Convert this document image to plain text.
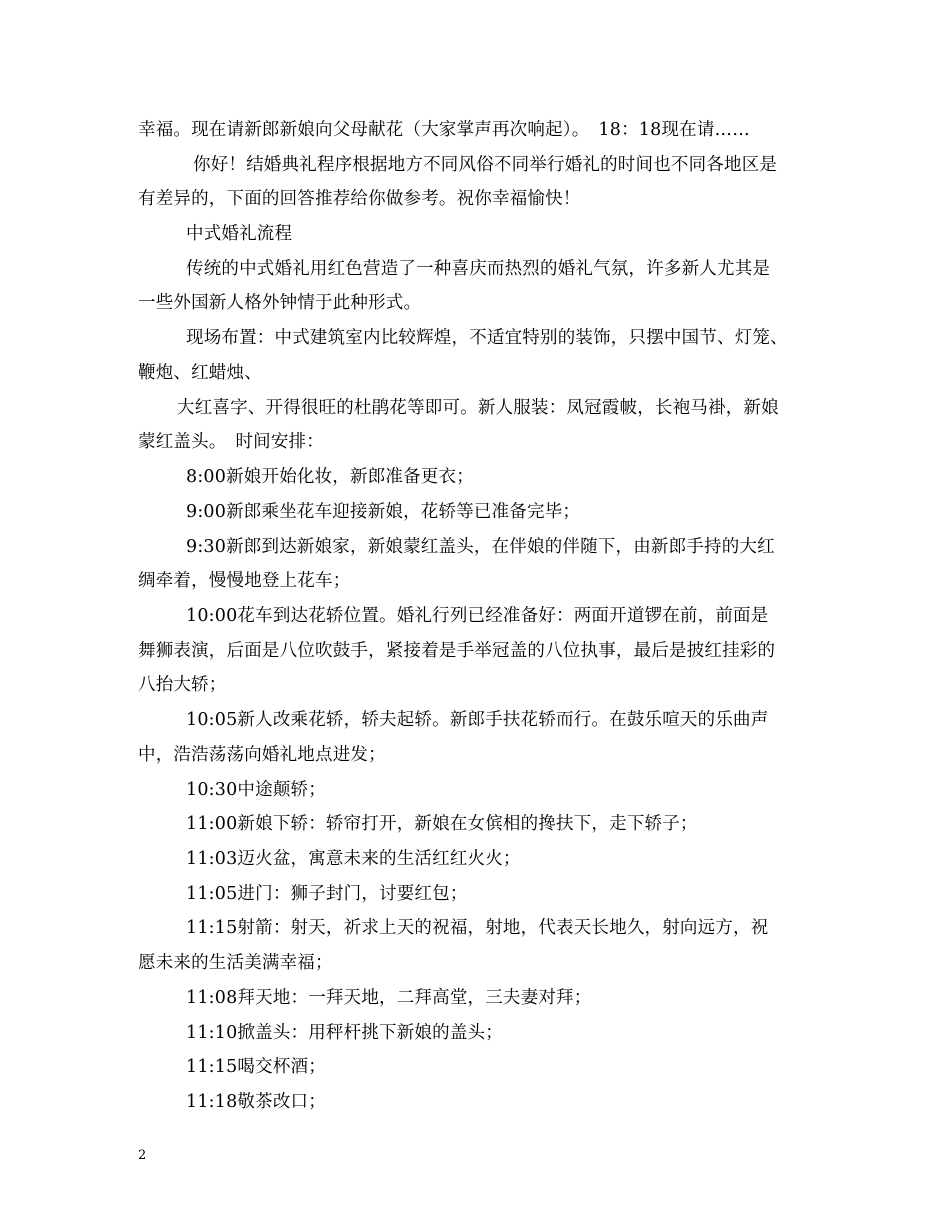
幸福。现在请新郎新娘向父母献花（大家掌声再次响起）。　18：18现在请……
你好！结婚典礼程序根据地方不同风俗不同举行婚礼的时间也不同各地区是
有差异的，下面的回答推荐给你做参考。祝你幸福愉快！
中式婚礼流程
传统的中式婚礼用红色营造了一种喜庆而热烈的婚礼气氛，许多新人尤其是
一些外国新人格外钟情于此种形式。
现场布置：中式建筑室内比较辉煌，不适宜特别的装饰，只摆中国节、灯笼、
鞭炮、红蜡烛、
大红喜字、开得很旺的杜鹃花等即可。新人服装：凤冠霞帔，长袍马褂，新娘
蒙红盖头。　时间安排：
8:00新娘开始化妆，新郎准备更衣；
9:00新郎乘坐花车迎接新娘，花轿等已准备完毕；
9:30新郎到达新娘家，新娘蒙红盖头，在伴娘的伴随下，由新郎手持的大红
绸牵着，慢慢地登上花车；
10:00花车到达花轿位置。婚礼行列已经准备好：两面开道锣在前，前面是
舞狮表演，后面是八位吹鼓手，紧接着是手举冠盖的八位执事，最后是披红挂彩的
八抬大轿；
10:05新人改乘花轿，轿夫起轿。新郎手扶花轿而行。在鼓乐喧天的乐曲声
中，浩浩荡荡向婚礼地点进发；
10:30中途颠轿；
11:00新娘下轿：轿帘打开，新娘在女傧相的搀扶下，走下轿子；
11:03迈火盆，寓意未来的生活红红火火；
11:05进门：狮子封门，讨要红包；
11:15射箭：射天，祈求上天的祝福，射地，代表天长地久，射向远方，祝
愿未来的生活美满幸福；
11:08拜天地：一拜天地，二拜高堂，三夫妻对拜；
11:10掀盖头：用秤杆挑下新娘的盖头；
11:15喝交杯酒；
11:18敬茶改口；
2
